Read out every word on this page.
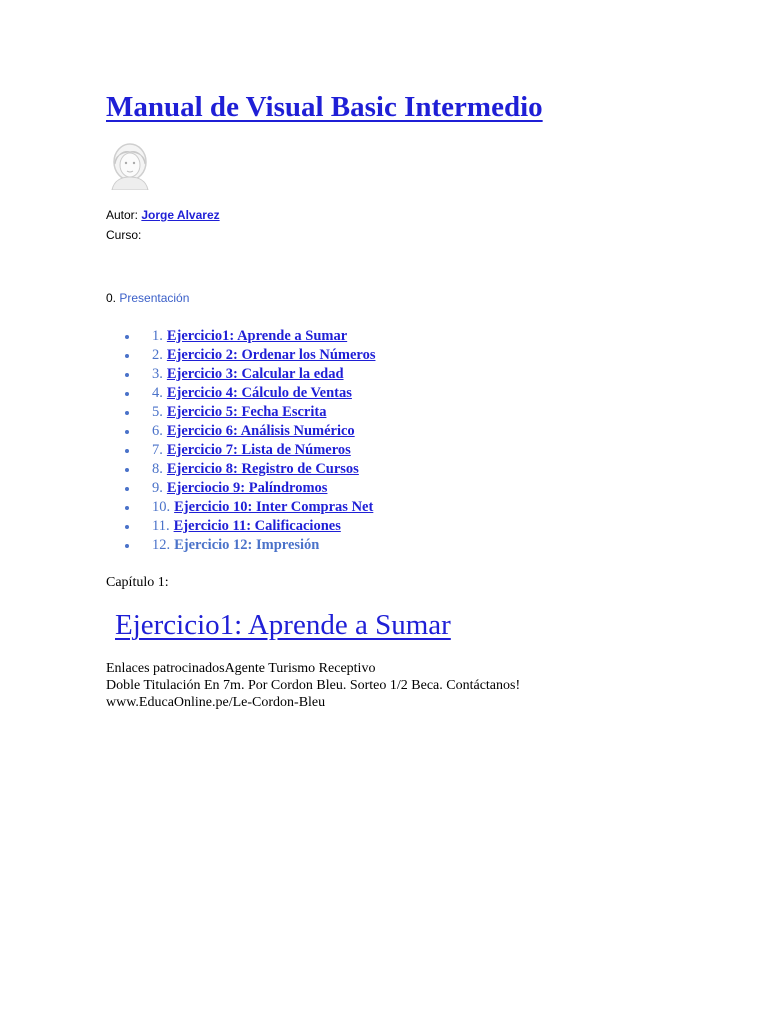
Manual de Visual Basic Intermedio
Autor: Jorge Alvarez
Curso:
0. Presentación
1. Ejercicio1: Aprende a Sumar
2. Ejercicio 2: Ordenar los Números
3. Ejercicio 3: Calcular la edad
4. Ejercicio 4: Cálculo de Ventas
5. Ejercicio 5: Fecha Escrita
6. Ejercicio 6: Análisis Numérico
7. Ejercicio 7: Lista de Números
8. Ejercicio 8: Registro de Cursos
9. Ejerciocio 9: Palíndromos
10. Ejercicio 10: Inter Compras Net
11. Ejercicio 11: Calificaciones
12. Ejercicio 12: Impresión
Capítulo 1:
Ejercicio1: Aprende a Sumar
Enlaces patrocinadosAgente Turismo Receptivo
Doble Titulación En 7m. Por Cordon Bleu. Sorteo 1/2 Beca. Contáctanos!
www.EducaOnline.pe/Le-Cordon-Bleu
